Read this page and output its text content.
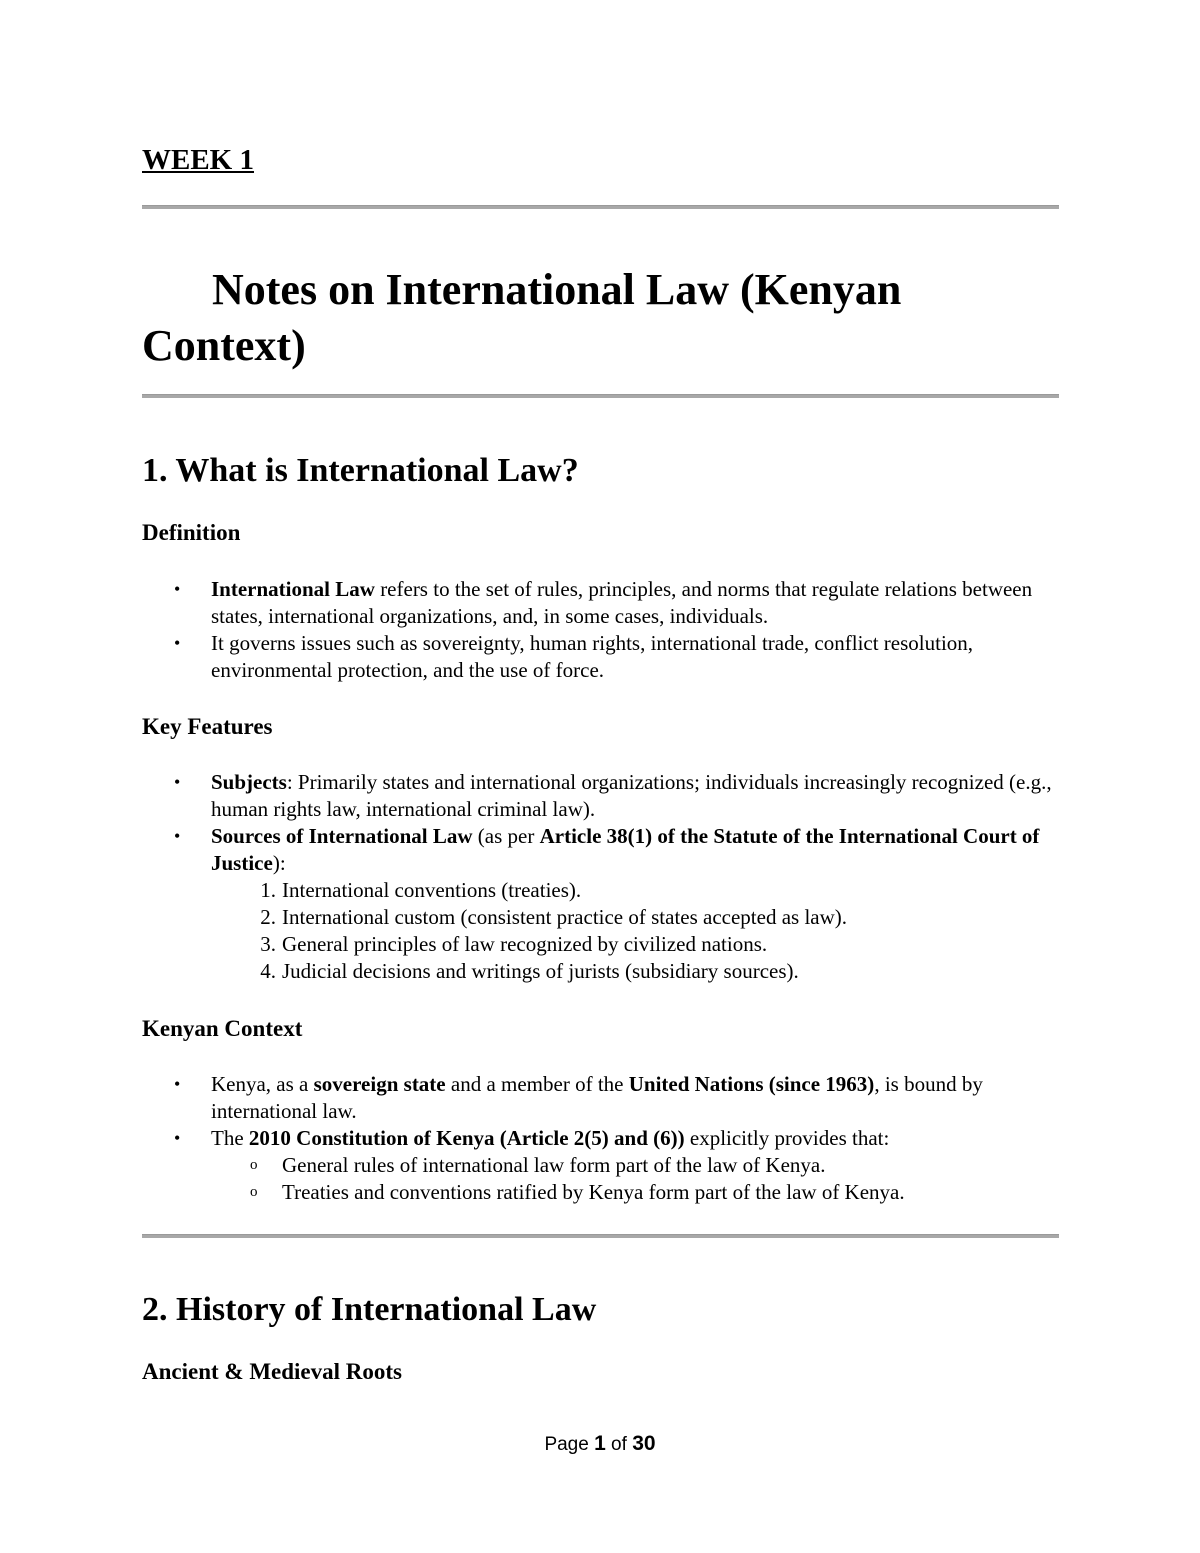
WEEK 1
Notes on International Law (Kenyan Context)
1. What is International Law?
Definition
•	International Law refers to the set of rules, principles, and norms that regulate relations between states, international organizations, and, in some cases, individuals.
•	It governs issues such as sovereignty, human rights, international trade, conflict resolution, environmental protection, and the use of force.
Key Features
•	Subjects: Primarily states and international organizations; individuals increasingly recognized (e.g., human rights law, international criminal law).
•	Sources of International Law (as per Article 38(1) of the Statute of the International Court of Justice):
1. International conventions (treaties).
2. International custom (consistent practice of states accepted as law).
3. General principles of law recognized by civilized nations.
4. Judicial decisions and writings of jurists (subsidiary sources).
Kenyan Context
•	Kenya, as a sovereign state and a member of the United Nations (since 1963), is bound by international law.
•	The 2010 Constitution of Kenya (Article 2(5) and (6)) explicitly provides that:
o	General rules of international law form part of the law of Kenya.
o	Treaties and conventions ratified by Kenya form part of the law of Kenya.
2. History of International Law
Ancient & Medieval Roots
Page 1 of 30
